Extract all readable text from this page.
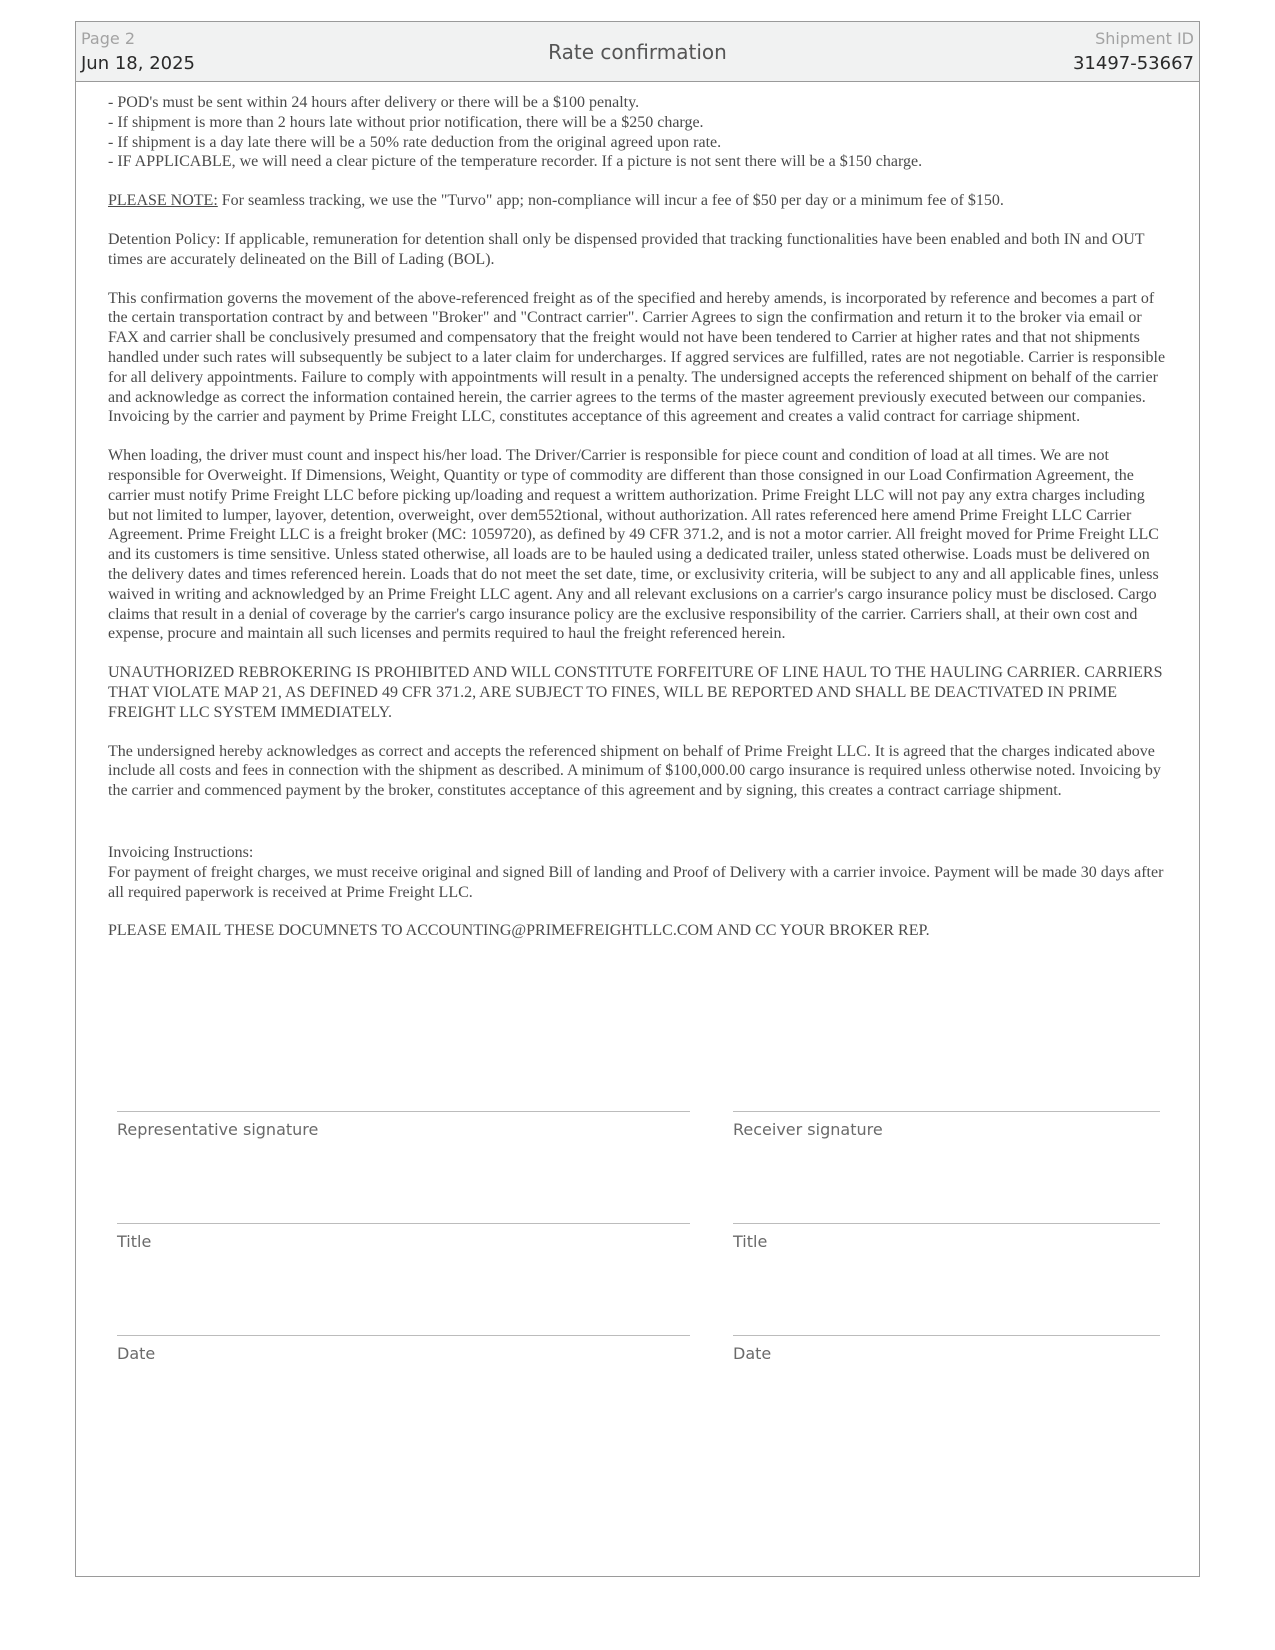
Page 2
Jun 18, 2025	Rate confirmation
Shipment ID
31497-53667
- POD's must be sent within 24 hours after delivery or there will be a $100 penalty.
- If shipment is more than 2 hours late without prior notification, there will be a $250 charge.
- If shipment is a day late there will be a 50% rate deduction from the original agreed upon rate.
- IF APPLICABLE, we will need a clear picture of the temperature recorder. If a picture is not sent there will be a $150 charge.

PLEASE NOTE: For seamless tracking, we use the "Turvo" app; non-compliance will incur a fee of $50 per day or a minimum fee of $150.

Detention Policy: If applicable, remuneration for detention shall only be dispensed provided that tracking functionalities have been enabled and both IN and OUT times are accurately delineated on the Bill of Lading (BOL).

This confirmation governs the movement of the above-referenced freight as of the specified and hereby amends, is incorporated by reference and becomes a part of the certain transportation contract by and between "Broker" and "Contract carrier". Carrier Agrees to sign the confirmation and return it to the broker via email or FAX and carrier shall be conclusively presumed and compensatory that the freight would not have been tendered to Carrier at higher rates and that not shipments handled under such rates will subsequently be subject to a later claim for undercharges. If aggred services are fulfilled, rates are not negotiable. Carrier is responsible for all delivery appointments. Failure to comply with appointments will result in a penalty. The undersigned accepts the referenced shipment on behalf of the carrier and acknowledge as correct the information contained herein, the carrier agrees to the terms of the master agreement previously executed between our companies. Invoicing by the carrier and payment by Prime Freight LLC, constitutes acceptance of this agreement and creates a valid contract for carriage shipment.

When loading, the driver must count and inspect his/her load. The Driver/Carrier is responsible for piece count and condition of load at all times. We are not responsible for Overweight. If Dimensions, Weight, Quantity or type of commodity are different than those consigned in our Load Confirmation Agreement, the carrier must notify Prime Freight LLC before picking up/loading and request a writtem authorization. Prime Freight LLC will not pay any extra charges including but not limited to lumper, layover, detention, overweight, over dem552tional, without authorization. All rates referenced here amend Prime Freight LLC Carrier Agreement. Prime Freight LLC is a freight broker (MC: 1059720), as defined by 49 CFR 371.2, and is not a motor carrier. All freight moved for Prime Freight LLC and its customers is time sensitive. Unless stated otherwise, all loads are to be hauled using a dedicated trailer, unless stated otherwise. Loads must be delivered on the delivery dates and times referenced herein. Loads that do not meet the set date, time, or exclusivity criteria, will be subject to any and all applicable fines, unless waived in writing and acknowledged by an Prime Freight LLC agent. Any and all relevant exclusions on a carrier's cargo insurance policy must be disclosed. Cargo claims that result in a denial of coverage by the carrier's cargo insurance policy are the exclusive responsibility of the carrier. Carriers shall, at their own cost and expense, procure and maintain all such licenses and permits required to haul the freight referenced herein.

UNAUTHORIZED REBROKERING IS PROHIBITED AND WILL CONSTITUTE FORFEITURE OF LINE HAUL TO THE HAULING CARRIER. CARRIERS THAT VIOLATE MAP 21, AS DEFINED 49 CFR 371.2, ARE SUBJECT TO FINES, WILL BE REPORTED AND SHALL BE DEACTIVATED IN PRIME FREIGHT LLC SYSTEM IMMEDIATELY.

The undersigned hereby acknowledges as correct and accepts the referenced shipment on behalf of Prime Freight LLC. It is agreed that the charges indicated above include all costs and fees in connection with the shipment as described. A minimum of $100,000.00 cargo insurance is required unless otherwise noted. Invoicing by the carrier and commenced payment by the broker, constitutes acceptance of this agreement and by signing, this creates a contract carriage shipment.

Invoicing Instructions:
For payment of freight charges, we must receive original and signed Bill of landing and Proof of Delivery with a carrier invoice. Payment will be made 30 days after all required paperwork is received at Prime Freight LLC.

PLEASE EMAIL THESE DOCUMNETS TO ACCOUNTING@PRIMEFREIGHTLLC.COM AND CC YOUR BROKER REP.

Representative signature	Receiver signature
Title	Title
Date	Date
